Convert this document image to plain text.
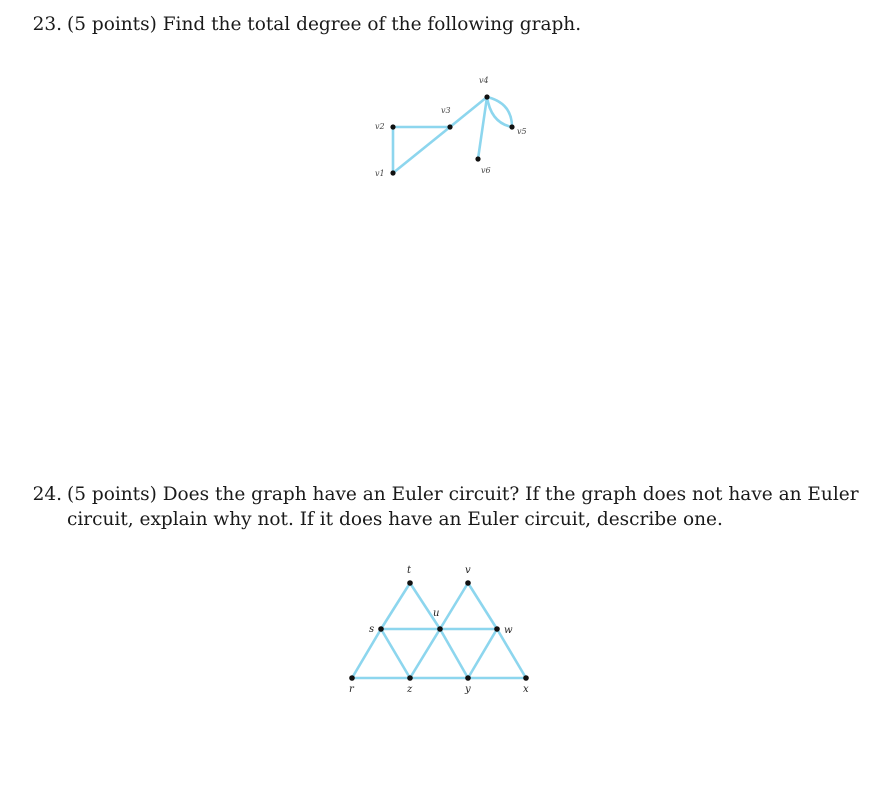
23. (5 points) Find the total degree of the following graph.
v1
v2
v3
v4
v5
v6
24. (5 points) Does the graph have an Euler circuit? If the graph does not have an Euler
circuit, explain why not. If it does have an Euler circuit, describe one.
r
s
t
u
v
w
x
y
z
